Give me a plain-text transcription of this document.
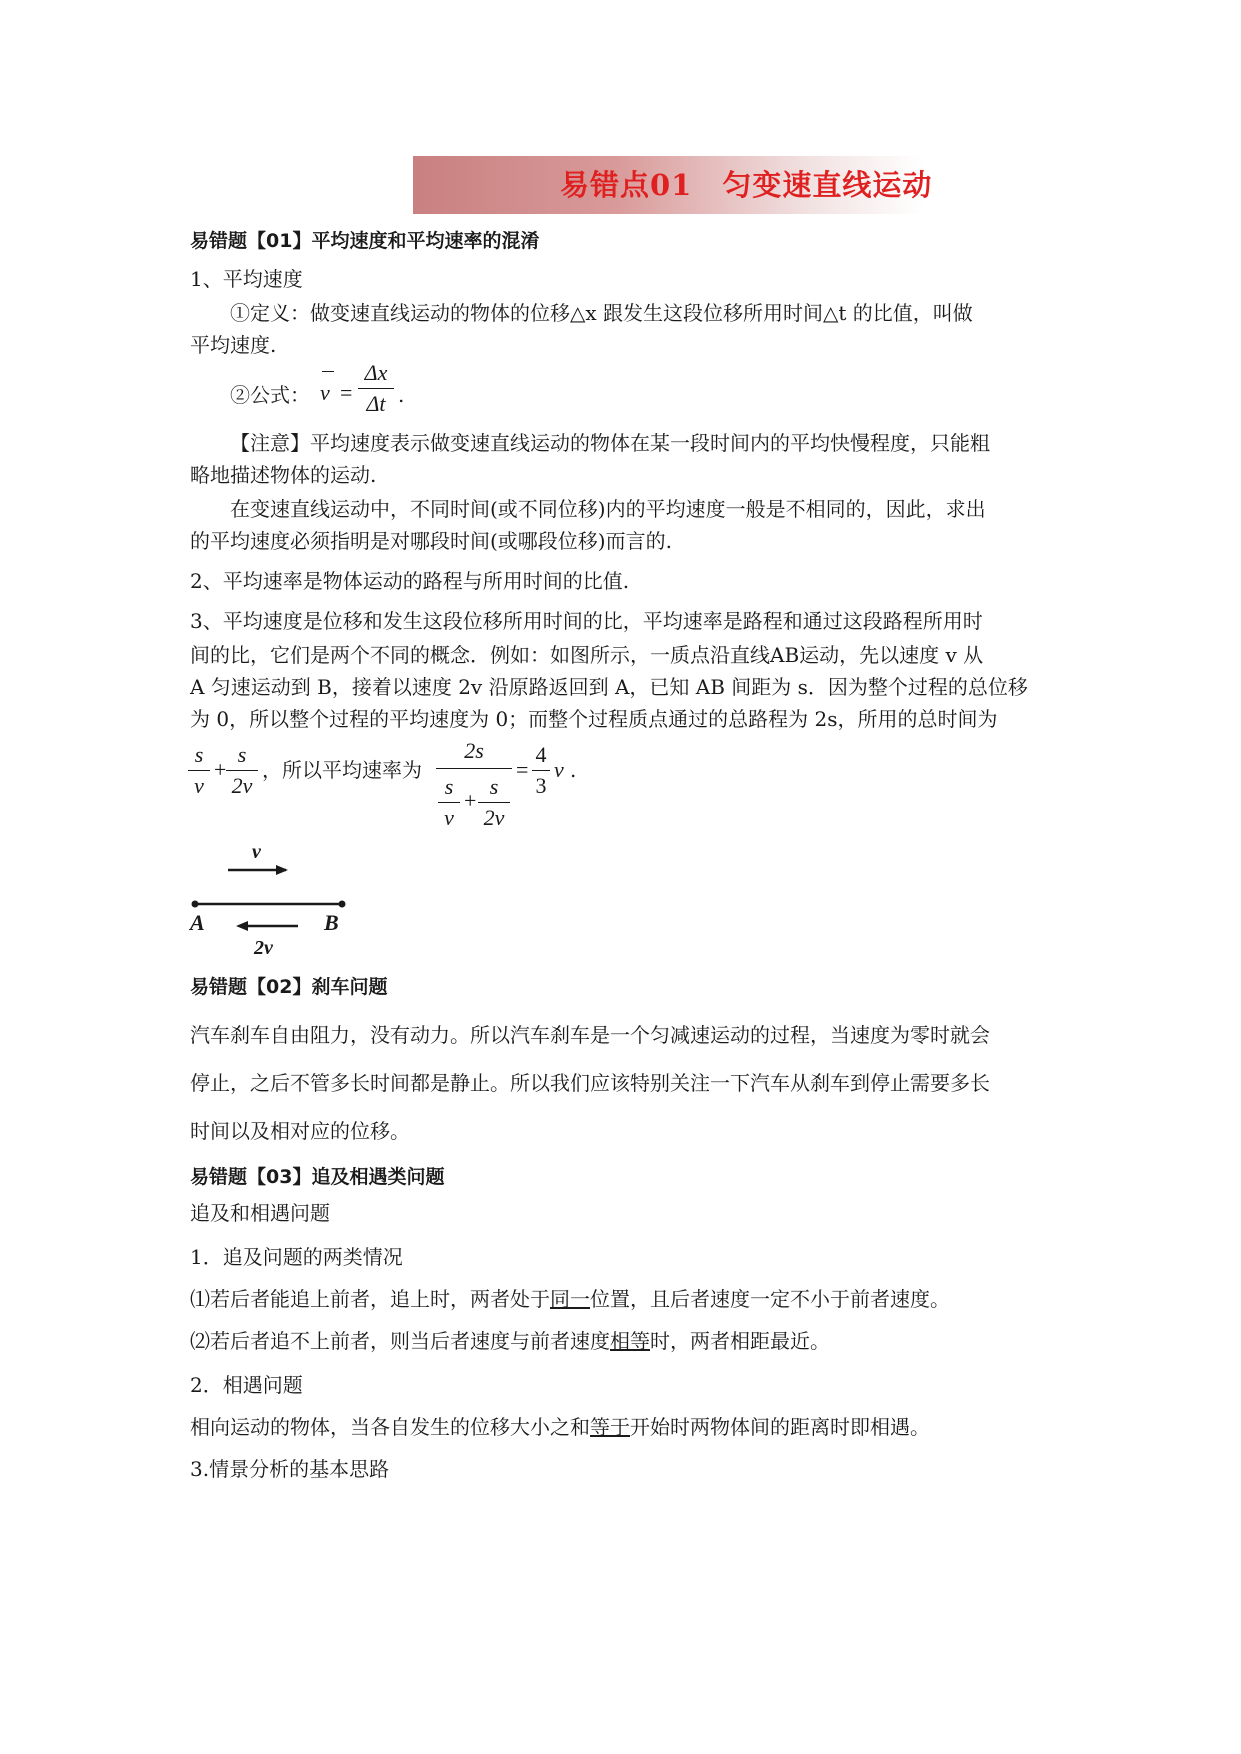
易错点01　匀变速直线运动
易错题【01】平均速度和平均速率的混淆
1、平均速度
①定义：做变速直线运动的物体的位移△x 跟发生这段位移所用时间△t 的比值，叫做
平均速度.
②公式： v =
Δx
Δt .
【注意】平均速度表示做变速直线运动的物体在某一段时间内的平均快慢程度，只能粗
略地描述物体的运动.
在变速直线运动中，不同时间(或不同位移)内的平均速度一般是不相同的，因此，求出
的平均速度必须指明是对哪段时间(或哪段位移)而言的.
2、平均速率是物体运动的路程与所用时间的比值.
3、平均速度是位移和发生这段位移所用时间的比，平均速率是路程和通过这段路程所用时
间的比，它们是两个不同的概念．例如：如图所示，一质点沿直线AB运动，先以速度 v 从
A 匀速运动到 B，接着以速度 2v 沿原路返回到 A，已知 AB 间距为 s．因为整个过程的总位移
为 0，所以整个过程的平均速度为 0；而整个过程质点通过的总路程为 2s，所用的总时间为
s
v
+
s
2v
，所以平均速率为
2s
s
v
+
s
2v
=
4
3
v .
v
A	B
2v
易错题【02】刹车问题
汽车刹车自由阻力，没有动力。所以汽车刹车是一个匀减速运动的过程，当速度为零时就会
停止，之后不管多长时间都是静止。所以我们应该特别关注一下汽车从刹车到停止需要多长
时间以及相对应的位移。
易错题【03】追及相遇类问题
追及和相遇问题
1．追及问题的两类情况
⑴若后者能追上前者，追上时，两者处于同一位置，且后者速度一定不小于前者速度。
⑵若后者追不上前者，则当后者速度与前者速度相等时，两者相距最近。
2．相遇问题
相向运动的物体，当各自发生的位移大小之和等于开始时两物体间的距离时即相遇。
3.情景分析的基本思路
